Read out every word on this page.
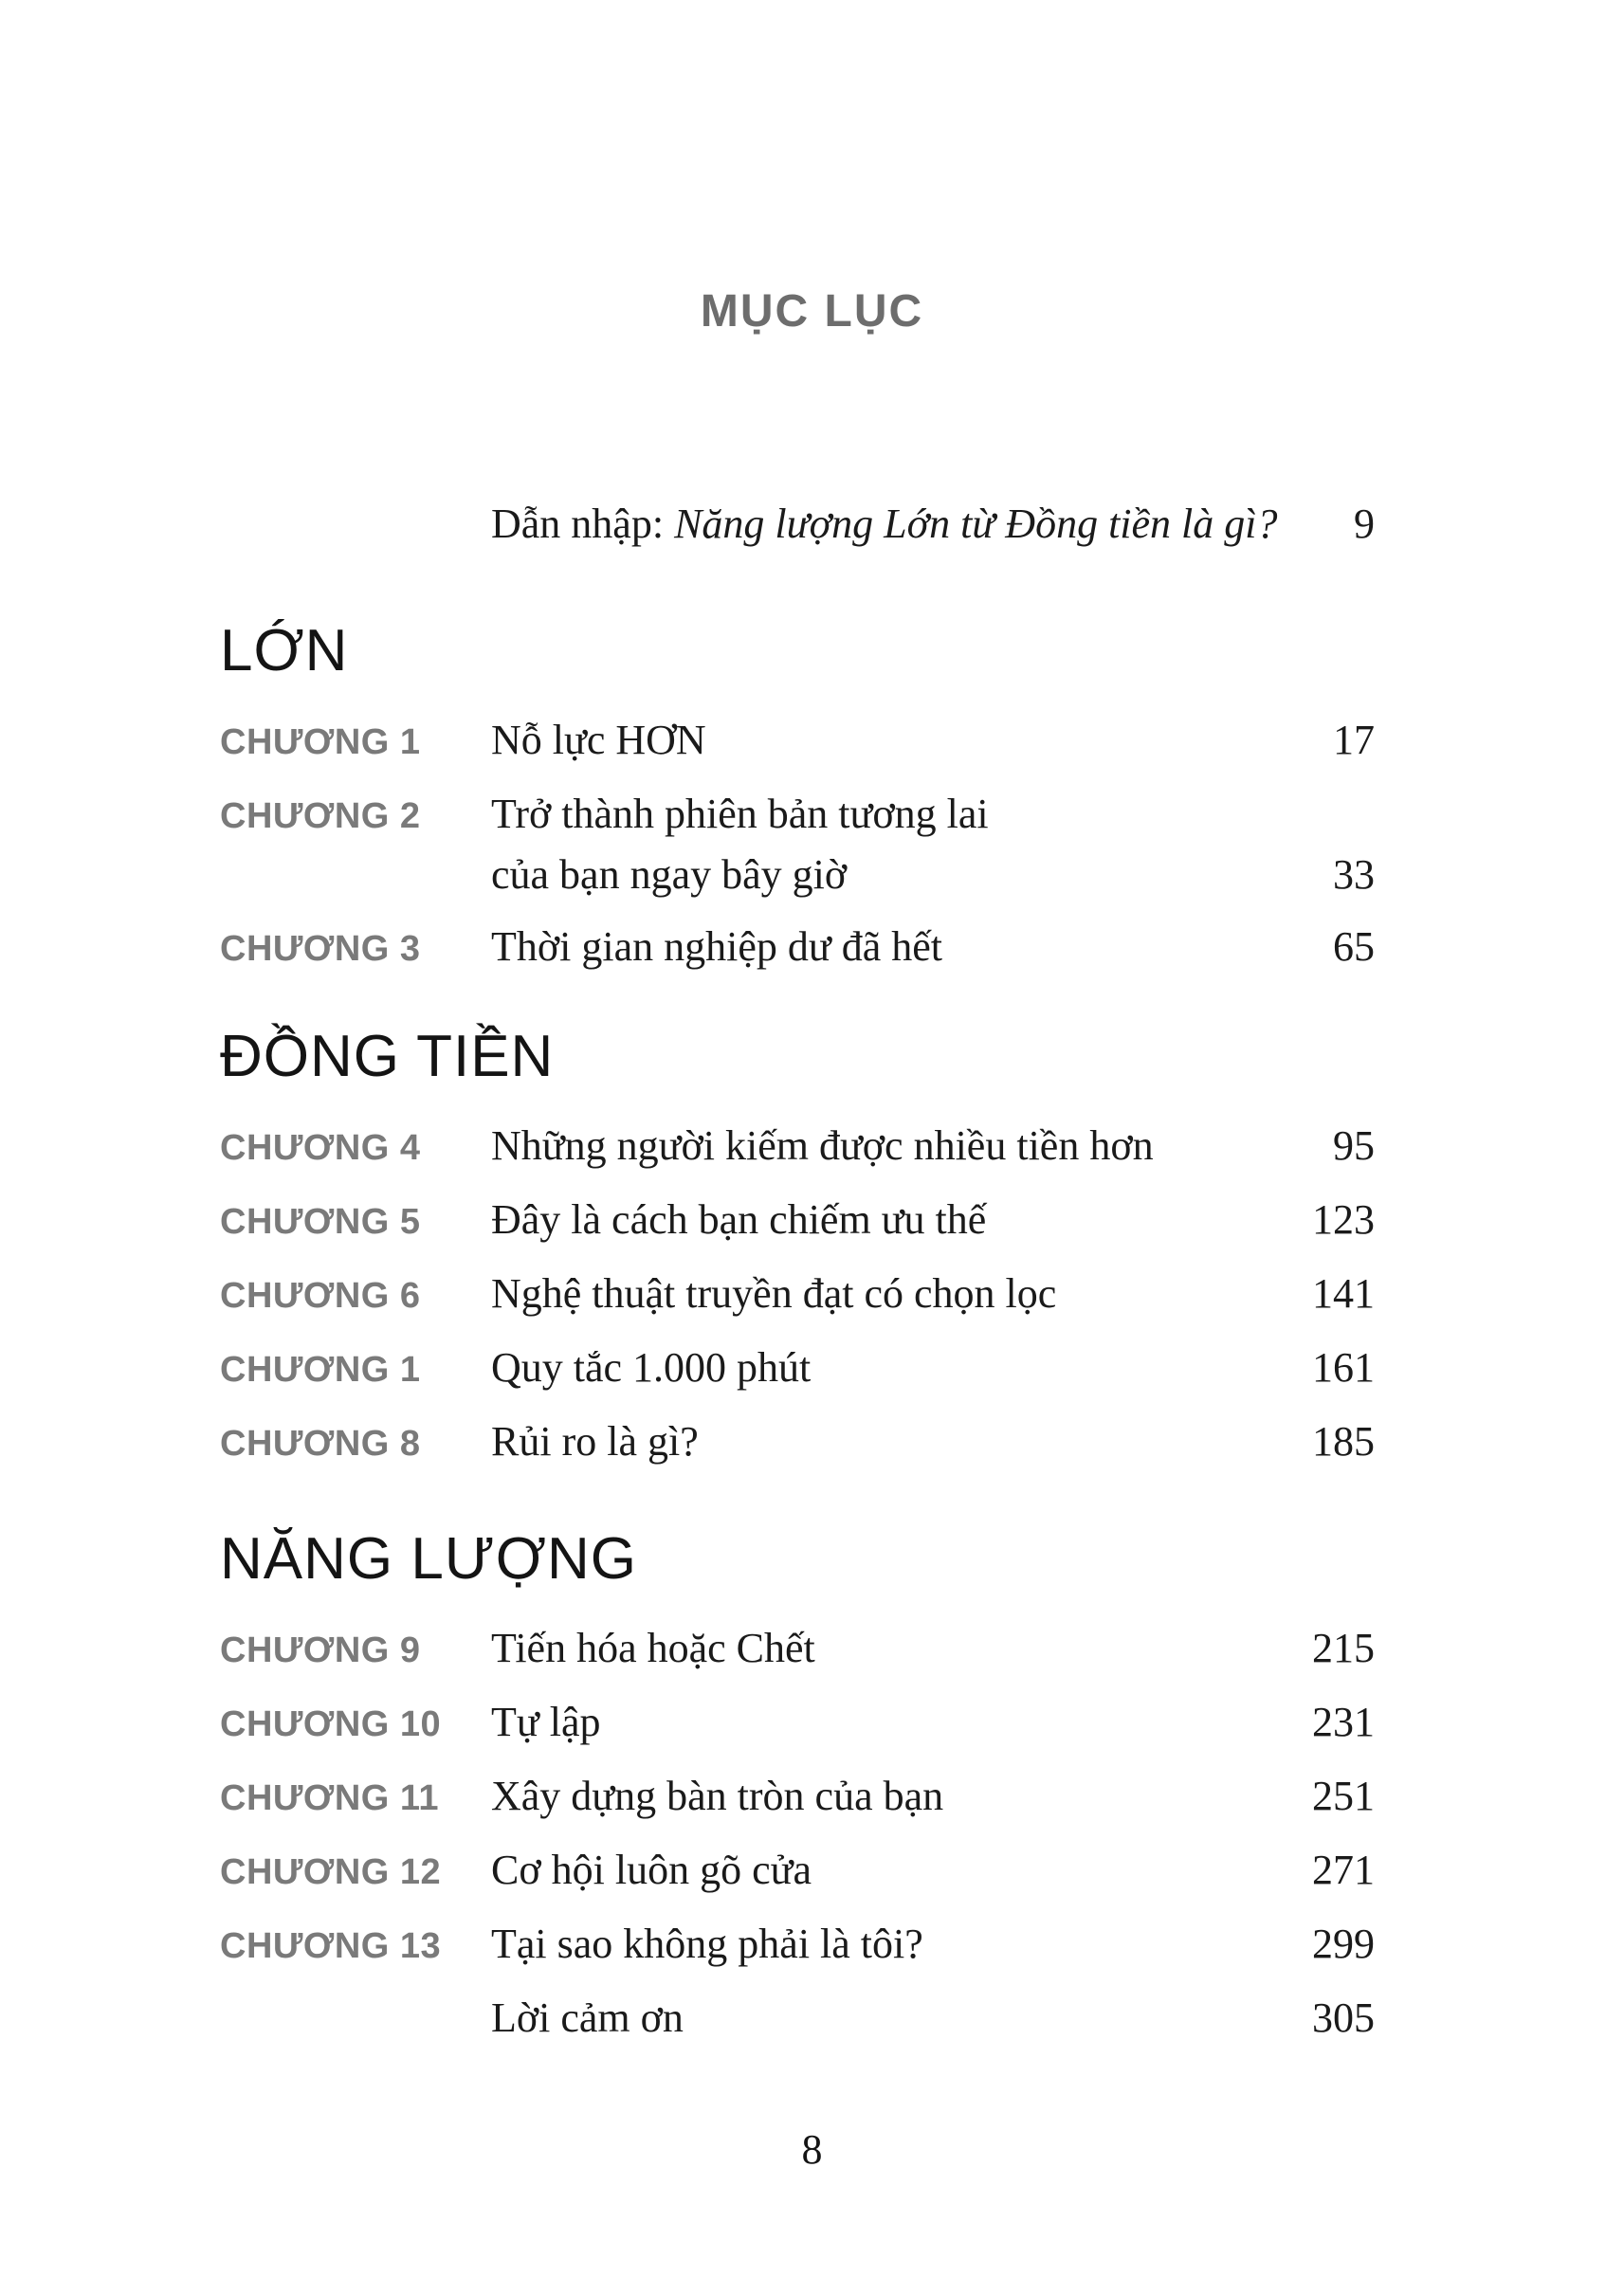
MỤC LỤC
Dẫn nhập: Năng lượng Lớn từ Đồng tiền là gì?	9
LỚN
CHƯƠNG 1	Nỗ lực HƠN	17
CHƯƠNG 2	Trở thành phiên bản tương lai
của bạn ngay bây giờ	33
CHƯƠNG 3	Thời gian nghiệp dư đã hết	65
ĐỒNG TIỀN
CHƯƠNG 4	Những người kiếm được nhiều tiền hơn	95
CHƯƠNG 5	Đây là cách bạn chiếm ưu thế	123
CHƯƠNG 6	Nghệ thuật truyền đạt có chọn lọc	141
CHƯƠNG 1	Quy tắc 1.000 phút	161
CHƯƠNG 8	Rủi ro là gì?	185
NĂNG LƯỢNG
CHƯƠNG 9	Tiến hóa hoặc Chết	215
CHƯƠNG 10	Tự lập	231
CHƯƠNG 11	Xây dựng bàn tròn của bạn	251
CHƯƠNG 12	Cơ hội luôn gõ cửa	271
CHƯƠNG 13	Tại sao không phải là tôi?	299
Lời cảm ơn	305
8
